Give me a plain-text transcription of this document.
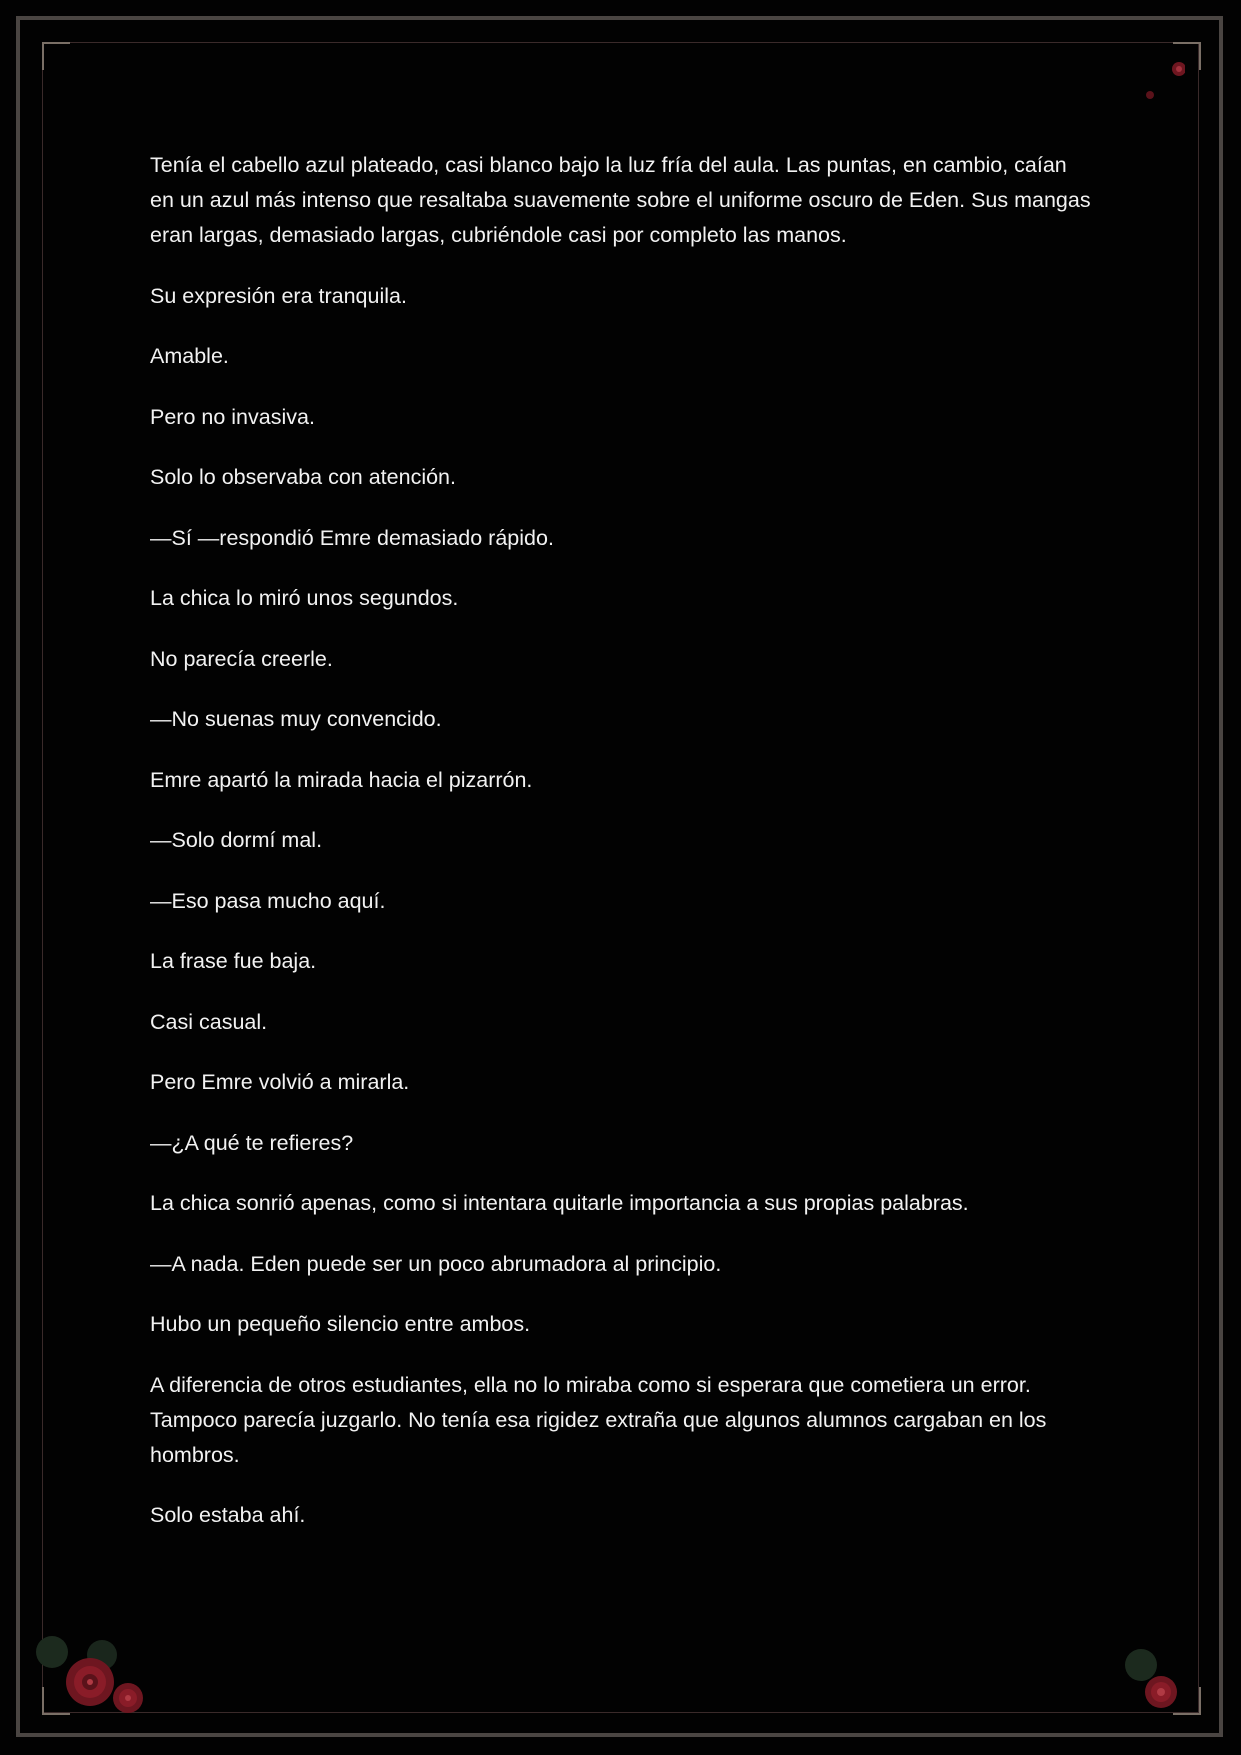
Tenía el cabello azul plateado, casi blanco bajo la luz fría del aula. Las puntas, en cambio, caían en un azul más intenso que resaltaba suavemente sobre el uniforme oscuro de Eden. Sus mangas eran largas, demasiado largas, cubriéndole casi por completo las manos.

Su expresión era tranquila.

Amable.

Pero no invasiva.

Solo lo observaba con atención.

—Sí —respondió Emre demasiado rápido.

La chica lo miró unos segundos.

No parecía creerle.

—No suenas muy convencido.

Emre apartó la mirada hacia el pizarrón.

—Solo dormí mal.

—Eso pasa mucho aquí.

La frase fue baja.

Casi casual.

Pero Emre volvió a mirarla.

—¿A qué te refieres?

La chica sonrió apenas, como si intentara quitarle importancia a sus propias palabras.

—A nada. Eden puede ser un poco abrumadora al principio.

Hubo un pequeño silencio entre ambos.

A diferencia de otros estudiantes, ella no lo miraba como si esperara que cometiera un error. Tampoco parecía juzgarlo. No tenía esa rigidez extraña que algunos alumnos cargaban en los hombros.

Solo estaba ahí.
